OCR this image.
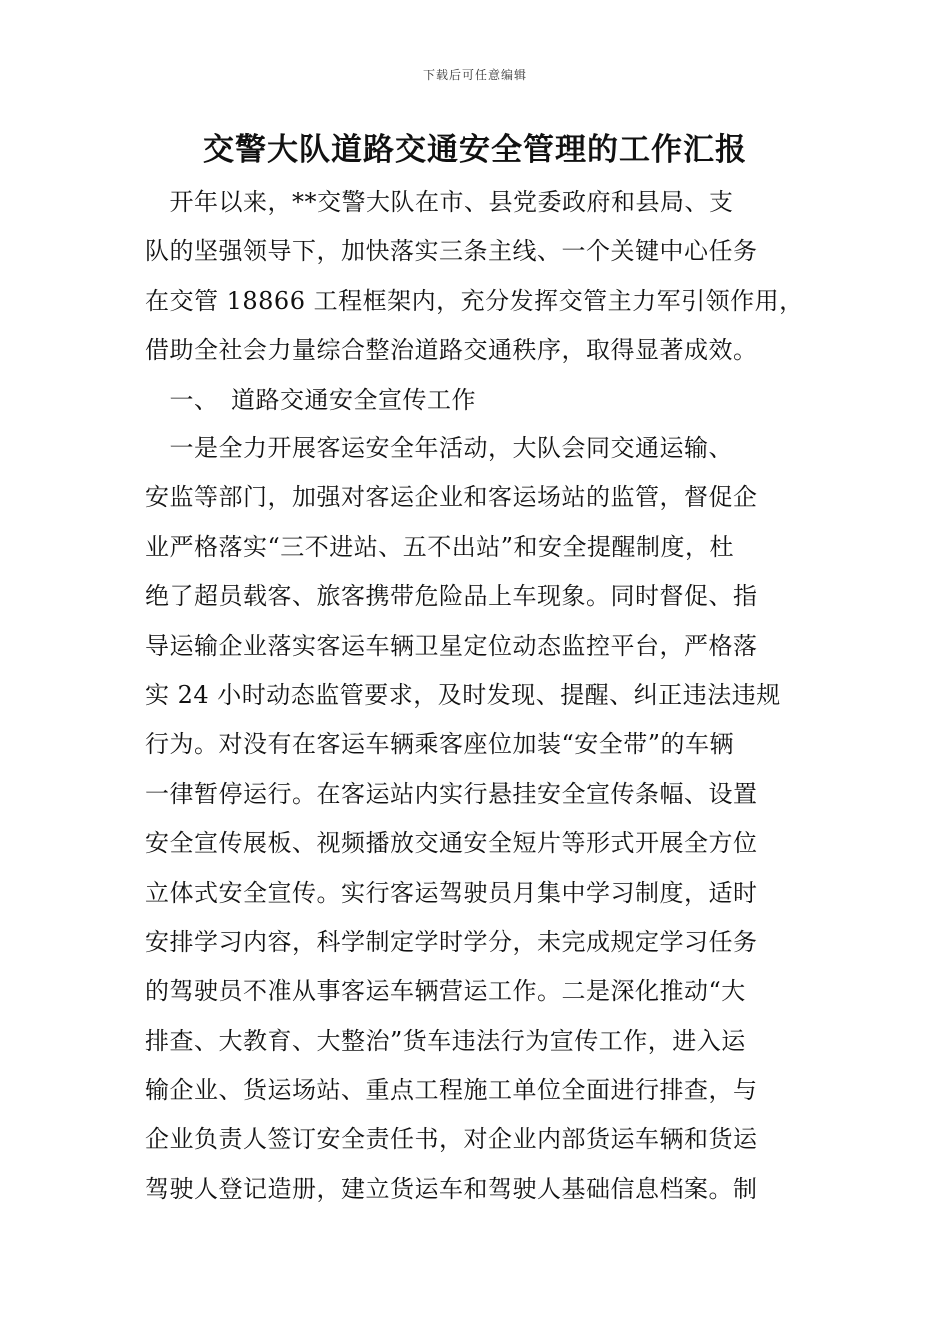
下载后可任意编辑
交警大队道路交通安全管理的工作汇报
　开年以来，**交警大队在市、县党委政府和县局、支
队的坚强领导下，加快落实三条主线、一个关键中心任务
在交管 18866 工程框架内，充分发挥交管主力军引领作用，
借助全社会力量综合整治道路交通秩序，取得显著成效。
　一、　道路交通安全宣传工作
　一是全力开展客运安全年活动，大队会同交通运输、
安监等部门，加强对客运企业和客运场站的监管，督促企
业严格落实“三不进站、五不出站”和安全提醒制度，杜
绝了超员载客、旅客携带危险品上车现象。同时督促、指
导运输企业落实客运车辆卫星定位动态监控平台，严格落
实 24 小时动态监管要求，及时发现、提醒、纠正违法违规
行为。对没有在客运车辆乘客座位加装“安全带”的车辆
一律暂停运行。在客运站内实行悬挂安全宣传条幅、设置
安全宣传展板、视频播放交通安全短片等形式开展全方位
立体式安全宣传。实行客运驾驶员月集中学习制度，适时
安排学习内容，科学制定学时学分，未完成规定学习任务
的驾驶员不准从事客运车辆营运工作。二是深化推动“大
排查、大教育、大整治”货车违法行为宣传工作，进入运
输企业、货运场站、重点工程施工单位全面进行排查，与
企业负责人签订安全责任书，对企业内部货运车辆和货运
驾驶人登记造册，建立货运车和驾驶人基础信息档案。制
